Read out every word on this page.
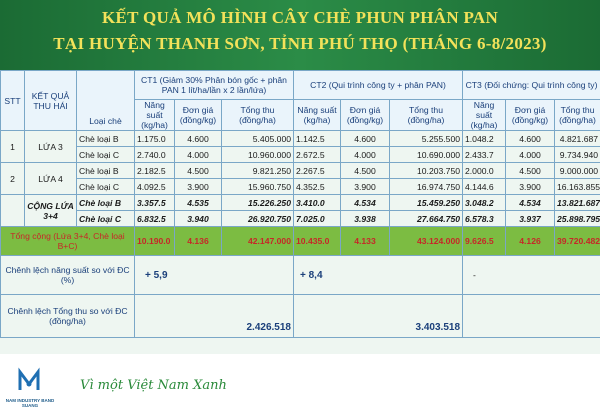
KẾT QUẢ MÔ HÌNH CÂY CHÈ PHUN PHÂN PAN
TẠI HUYỆN THANH SƠN, TỈNH PHÚ THỌ (THÁNG 6-8/2023)
STT	KẾT QUẢ THU HÁI	Loại chè	CT1 (Giảm 30% Phân bón gốc + phân PAN 1 lít/ha/lần x 2 lần/lứa)			CT2 (Qui trình công ty + phân PAN)			CT3 (Đối chứng: Qui trình công ty)		
			Năng suất (kg/ha)	Đơn giá (đồng/kg)	Tổng thu (đồng/ha)	Năng suất (kg/ha)	Đơn giá (đồng/kg)	Tổng thu (đồng/ha)	Năng suất (kg/ha)	Đơn giá (đồng/kg)	Tổng thu (đồng/ha)
1	LỨA 3	Chè loại B	1.175.0	4.600	5.405.000	1.142.5	4.600	5.255.500	1.048.2	4.600	4.821.687
		Chè loại C	2.740.0	4.000	10.960.000	2.672.5	4.000	10.690.000	2.433.7	4.000	9.734.940
2	LỨA 4	Chè loại B	2.182.5	4.500	9.821.250	2.267.5	4.500	10.203.750	2.000.0	4.500	9.000.000
		Chè loại C	4.092.5	3.900	15.960.750	4.352.5	3.900	16.974.750	4.144.6	3.900	16.163.855
	CỘNG LỨA 3+4	Chè loại B	3.357.5	4.535	15.226.250	3.410.0	4.534	15.459.250	3.048.2	4.534	13.821.687
		Chè loại C	6.832.5	3.940	26.920.750	7.025.0	3.938	27.664.750	6.578.3	3.937	25.898.795
Tổng cộng (Lứa 3+4, Chè loại B+C)			10.190.0	4.136	42.147.000	10.435.0	4.133	43.124.000	9.626.5	4.126	39.720.482
Chênh lệch năng suất so với ĐC (%)			+ 5,9			+ 8,4			-		
Chênh lệch Tổng thu so với ĐC (đồng/ha)			2.426.518			3.403.518					
NAM INDUSTRY BAND SUANG
Vì một Việt Nam Xanh
